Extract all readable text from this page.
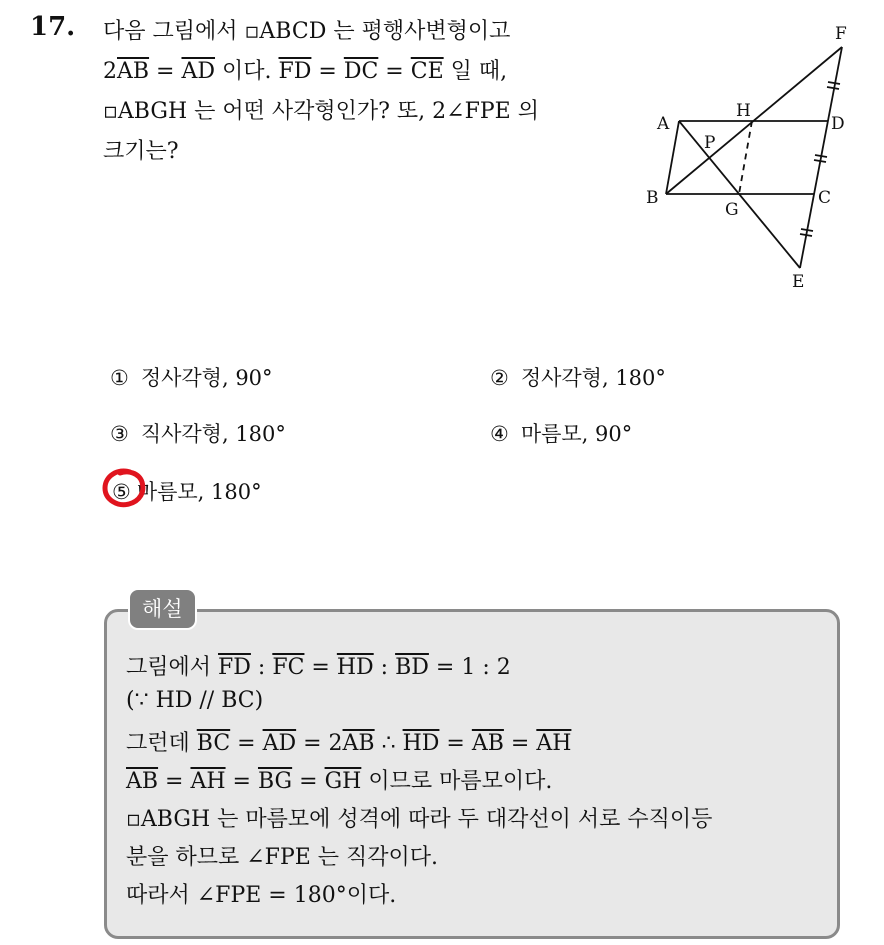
17. 다음 그림에서 ▫ABCD 는 평행사변형이고
$2\overline{AB} = \overline{AD}$ 이다. $\overline{FD} = \overline{DC} = \overline{CE}$ 일 때,
▫ABGH 는 어떤 사각형인가? 또, 2∠FPE 의
크기는?
F
A
H
D
P
B
G
C
E
① 정사각형, 90°	② 정사각형, 180°
③ 직사각형, 180°	④ 마름모, 90°
⑤ 마름모, 180°
해설
그림에서 $\overline{FD}$ : $\overline{FC} = \overline{HD}$ : $\overline{BD} = 1$ : 2
(∵ HD // BC)
그런데 $\overline{BC} = \overline{AD} = 2\overline{AB}$ ∴ $\overline{HD} = \overline{AB} = \overline{AH}$
$\overline{AB} = \overline{AH} = \overline{BG} = \overline{GH}$ 이므로 마름모이다.
▫ABGH 는 마름모에 성격에 따라 두 대각선이 서로 수직이등
분을 하므로 ∠FPE 는 직각이다.
따라서 ∠FPE = 180°이다.
